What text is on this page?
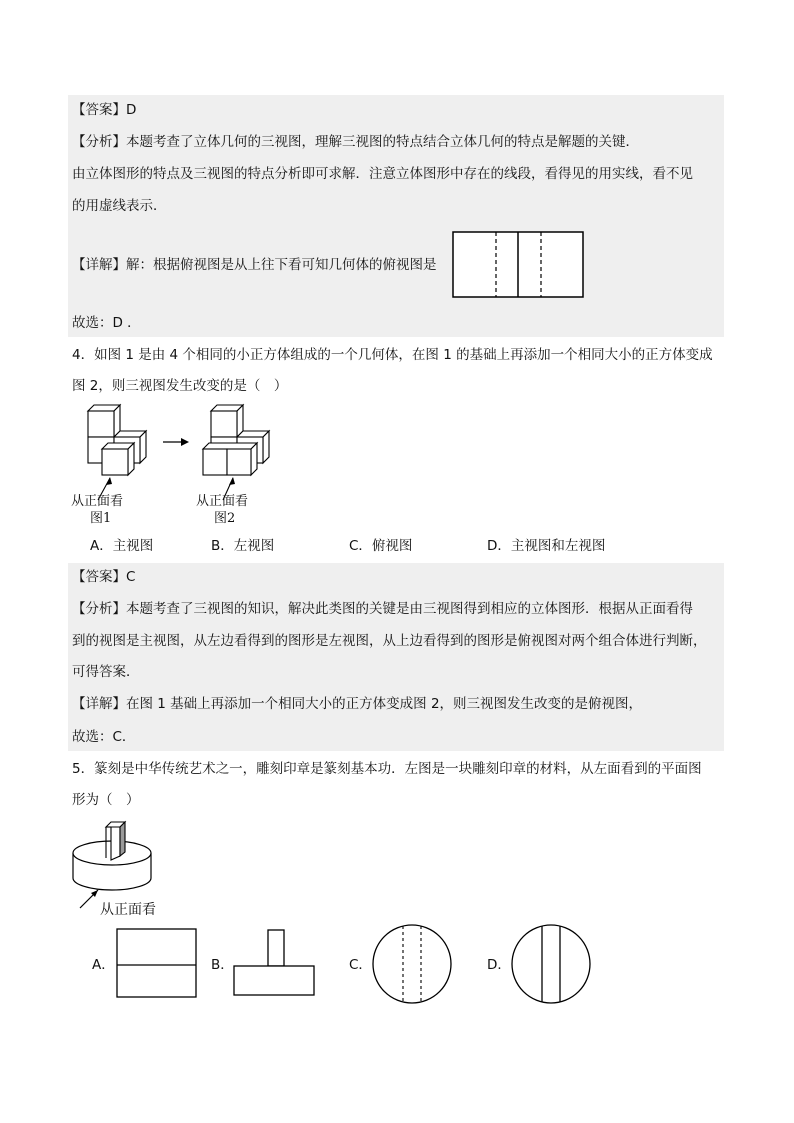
【答案】D
【分析】本题考查了立体几何的三视图，理解三视图的特点结合立体几何的特点是解题的关键．
由立体图形的特点及三视图的特点分析即可求解．注意立体图形中存在的线段，看得见的用实线，看不见
的用虚线表示．
【详解】解：根据俯视图是从上往下看可知几何体的俯视图是
故选：D ．
4．如图 1 是由 4 个相同的小正方体组成的一个几何体，在图 1 的基础上再添加一个相同大小的正方体变成
图 2，则三视图发生改变的是（　）
从正面看
图1
从正面看
图2
A．主视图	B．左视图	C．俯视图	D．主视图和左视图
【答案】C
【分析】本题考查了三视图的知识，解决此类图的关键是由三视图得到相应的立体图形．根据从正面看得
到的视图是主视图，从左边看得到的图形是左视图，从上边看得到的图形是俯视图对两个组合体进行判断，
可得答案．
【详解】在图 1 基础上再添加一个相同大小的正方体变成图 2，则三视图发生改变的是俯视图，
故选：C．
5．篆刻是中华传统艺术之一，雕刻印章是篆刻基本功．左图是一块雕刻印章的材料，从左面看到的平面图
形为（　）
从正面看
A．	B．	C．	D．
